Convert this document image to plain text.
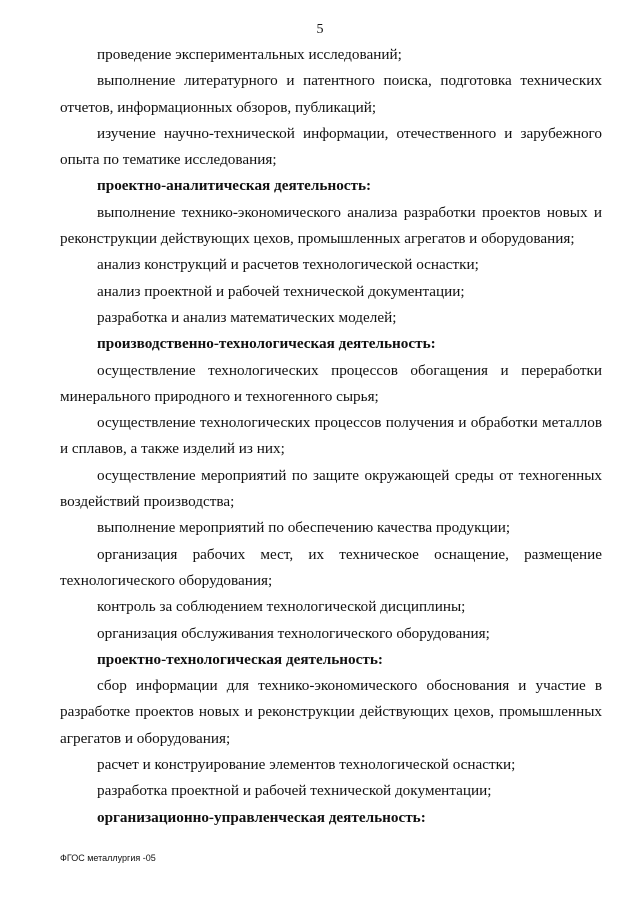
5

проведение экспериментальных исследований;

выполнение литературного и патентного поиска, подготовка технических отчетов, информационных обзоров, публикаций;

изучение научно-технической информации, отечественного и зарубежного опыта по тематике исследования;

проектно-аналитическая деятельность:

выполнение технико-экономического анализа разработки проектов новых и реконструкции действующих цехов, промышленных агрегатов и оборудования;

анализ конструкций и расчетов технологической оснастки;

анализ проектной и рабочей технической документации;

разработка и анализ математических моделей;

производственно-технологическая деятельность:

осуществление технологических процессов обогащения и переработки минерального природного и техногенного сырья;

осуществление технологических процессов получения и обработки металлов и сплавов, а также изделий из них;

осуществление мероприятий по защите окружающей среды от техногенных воздействий производства;

выполнение мероприятий по обеспечению качества продукции;

организация рабочих мест, их техническое оснащение, размещение технологического оборудования;

контроль за соблюдением технологической дисциплины;

организация обслуживания технологического оборудования;

проектно-технологическая деятельность:

сбор информации для технико-экономического обоснования и участие в разработке проектов новых и реконструкции действующих цехов, промышленных агрегатов и оборудования;

расчет и конструирование элементов технологической оснастки;

разработка проектной и рабочей технической документации;

организационно-управленческая деятельность:

ФГОС металлургия -05
